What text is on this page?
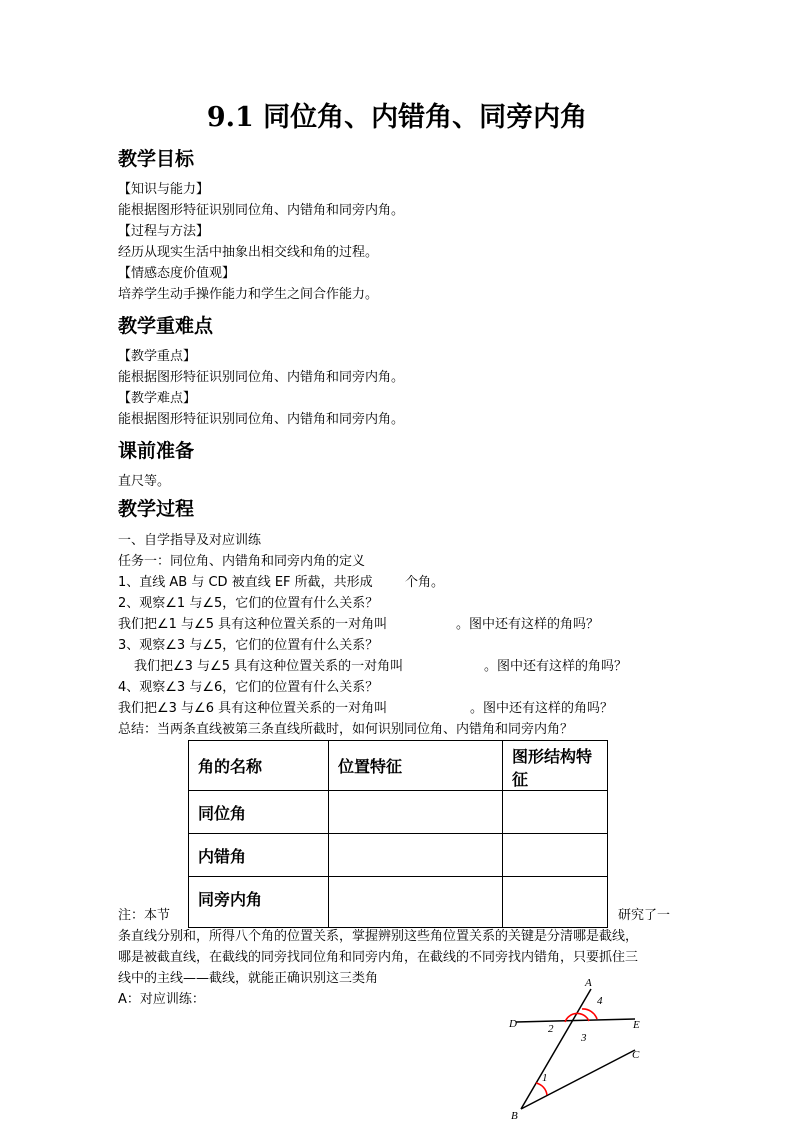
9.1 同位角、内错角、同旁内角
教学目标
【知识与能力】
能根据图形特征识别同位角、内错角和同旁内角。
【过程与方法】
经历从现实生活中抽象出相交线和角的过程。
【情感态度价值观】
培养学生动手操作能力和学生之间合作能力。
教学重难点
【教学重点】
能根据图形特征识别同位角、内错角和同旁内角。
【教学难点】
能根据图形特征识别同位角、内错角和同旁内角。
课前准备
直尺等。
教学过程
一、自学指导及对应训练
任务一：同位角、内错角和同旁内角的定义
1、直线 AB 与 CD 被直线 EF 所截，共形成 个角。
2、观察∠1 与∠5，它们的位置有什么关系？
我们把∠1 与∠5 具有这种位置关系的一对角叫	。图中还有这样的角吗？
3、观察∠3 与∠5，它们的位置有什么关系？
我们把∠3 与∠5 具有这种位置关系的一对角叫	。图中还有这样的角吗？
4、观察∠3 与∠6，它们的位置有什么关系？
我们把∠3 与∠6 具有这种位置关系的一对角叫	。图中还有这样的角吗？
总结：当两条直线被第三条直线所截时，如何识别同位角、内错角和同旁内角？
角的名称	位置特征	图形结构特征
同位角		
内错角		
同旁内角		
注：本节	研究了一
条直线分别和，所得八个角的位置关系，掌握辨别这些角位置关系的关键是分清哪是截线，
哪是被截直线，在截线的同旁找同位角和同旁内角，在截线的不同旁找内错角，只要抓住三
线中的主线——截线，就能正确识别这三类角
A：对应训练：
A
D	E
C
B
4
2
3
1
